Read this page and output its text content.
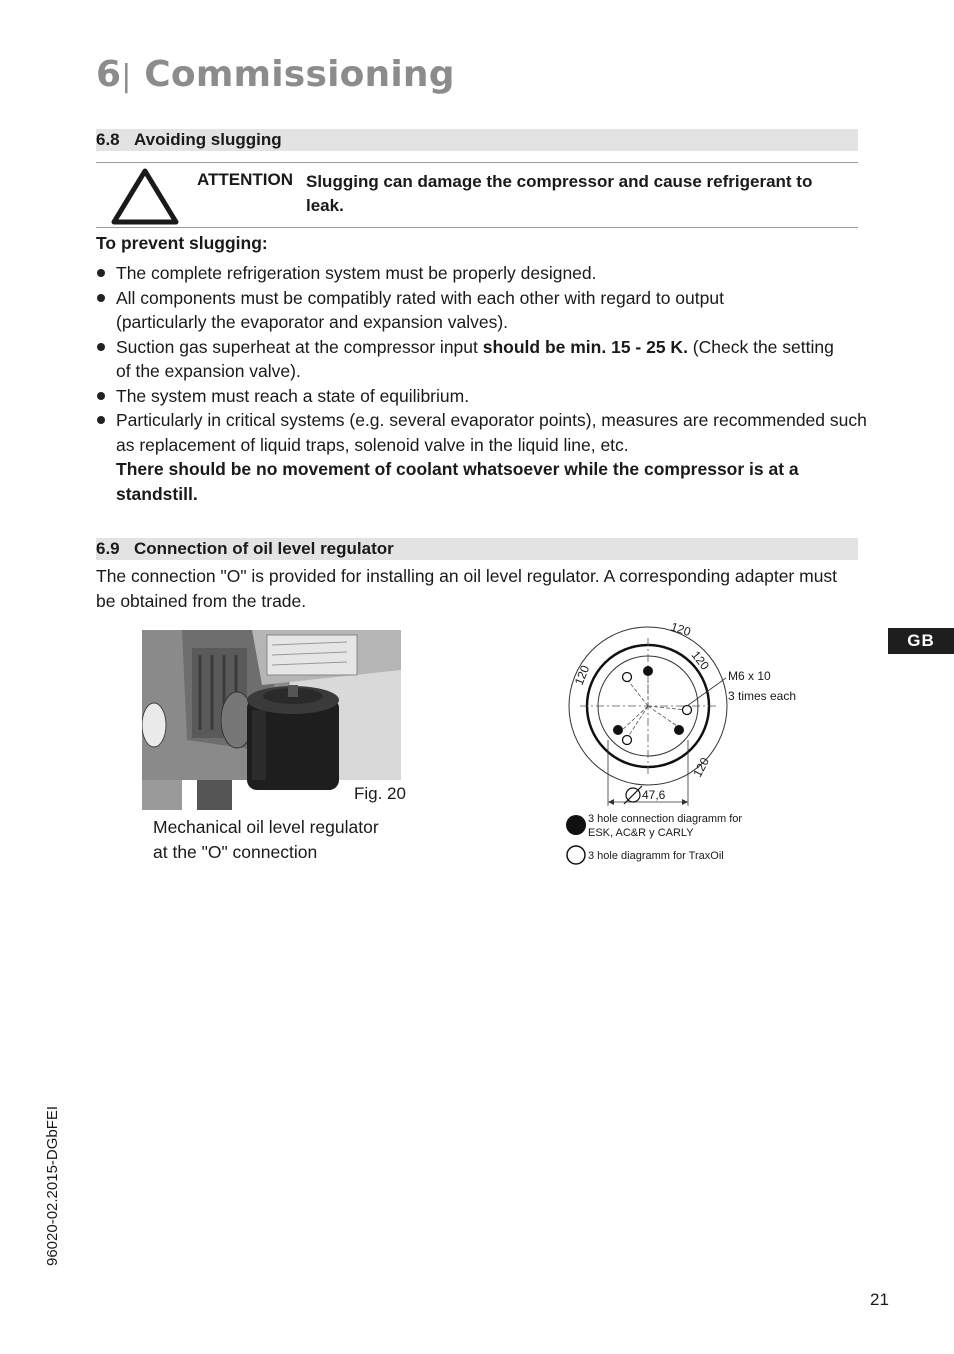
6| Commissioning
6.8 Avoiding slugging
ATTENTION Slugging can damage the compressor and cause refrigerant to leak.
To prevent slugging:
The complete refrigeration system must be properly designed.
All components must be compatibly rated with each other with regard to output (particularly the evaporator and expansion valves).
Suction gas superheat at the compressor input should be min. 15 - 25 K. (Check the setting of the expansion valve).
The system must reach a state of equilibrium.
Particularly in critical systems (e.g. several evaporator points), measures are recommended such as replacement of liquid traps, solenoid valve in the liquid line, etc.
There should be no movement of coolant whatsoever while the compressor is at a standstill.
6.9 Connection of oil level regulator
The connection "O" is provided for installing an oil level regulator. A corresponding adapter must be obtained from the trade.
Fig. 20
Mechanical oil level regulator
at the "O" connection
47,6
120
120
120
120
M6 x 10
3 times each
3 hole connection diagramm for
ESK, AC&R y CARLY
3 hole diagramm for TraxOil
GB
96020-02.2015-DGbFEI
21
